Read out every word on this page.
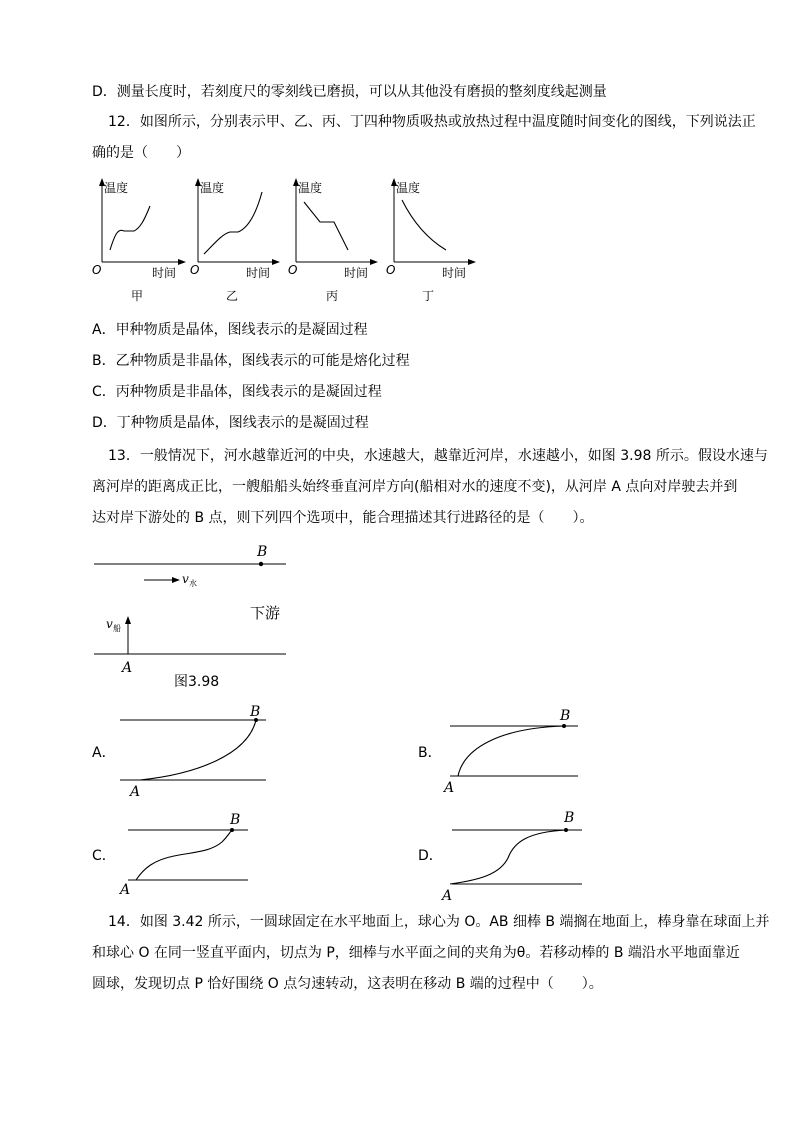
D．测量长度时，若刻度尺的零刻线已磨损，可以从其他没有磨损的整刻度线起测量
12．如图所示，分别表示甲、乙、丙、丁四种物质吸热或放热过程中温度随时间变化的图线，下列说法正
确的是（　　）
温度
O	时间
甲
温度
O	时间
乙
温度
O	时间
丙
温度
O	时间
丁
A．甲种物质是晶体，图线表示的是凝固过程
B．乙种物质是非晶体，图线表示的可能是熔化过程
C．丙种物质是非晶体，图线表示的是凝固过程
D．丁种物质是晶体，图线表示的是凝固过程
13．一般情况下，河水越靠近河的中央，水速越大，越靠近河岸，水速越小，如图 3.98 所示。假设水速与
离河岸的距离成正比，一艘船船头始终垂直河岸方向(船相对水的速度不变)，从河岸 A 点向对岸驶去并到
达对岸下游处的 B 点，则下列四个选项中，能合理描述其行进路径的是（　　）。
B
v 水
下游
v 船
A
图3.98
A．
B
A
B．
B
A
C．
B
A
D．
B
A
14．如图 3.42 所示，一圆球固定在水平地面上，球心为 O。AB 细棒 B 端搁在地面上，棒身靠在球面上并
和球心 O 在同一竖直平面内，切点为 P，细棒与水平面之间的夹角为θ。若移动棒的 B 端沿水平地面靠近
圆球，发现切点 P 恰好围绕 O 点匀速转动，这表明在移动 B 端的过程中（　　）。
